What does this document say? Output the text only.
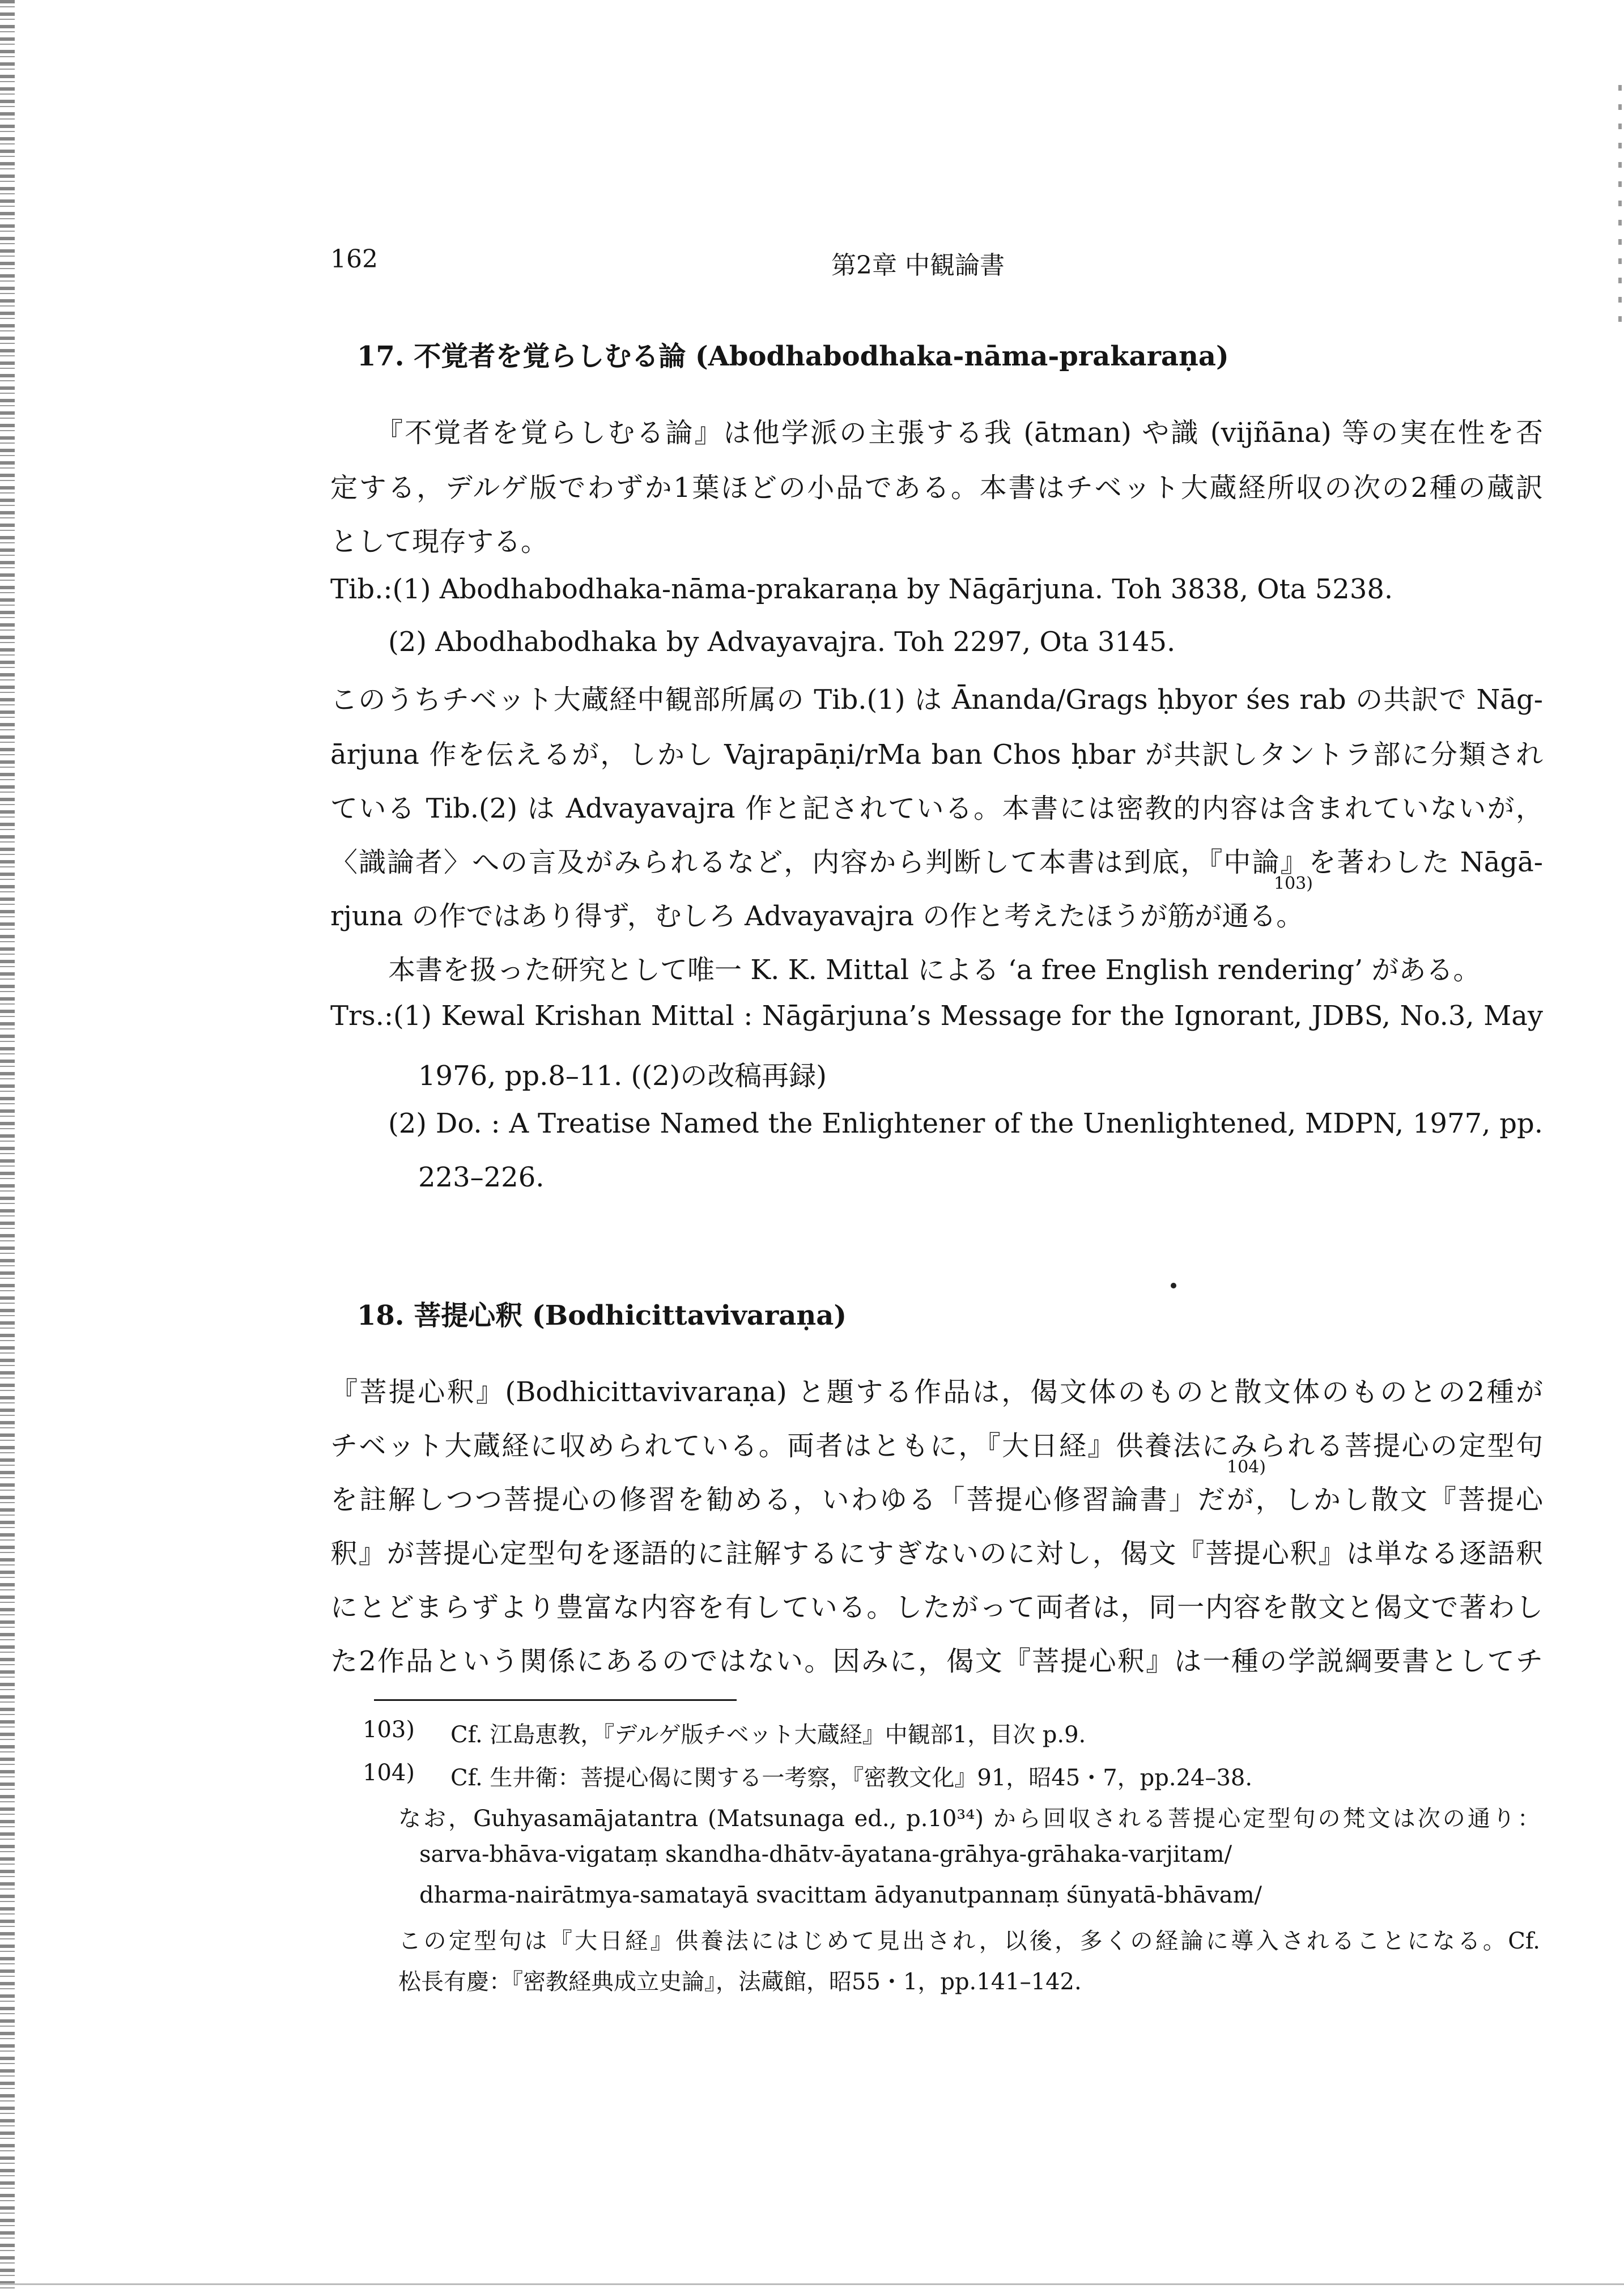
162	第2章 中観論書
17. 不覚者を覚らしむる論 (Abodhabodhaka-nāma-prakaraṇa)
『不覚者を覚らしむる論』は他学派の主張する我 (ātman) や識 (vijñāna) 等の実在性を否
定する，デルゲ版でわずか1葉ほどの小品である。本書はチベット大蔵経所収の次の2種の蔵訳
として現存する。
Tib.:(1) Abodhabodhaka-nāma-prakaraṇa by Nāgārjuna. Toh 3838, Ota 5238.
(2) Abodhabodhaka by Advayavajra. Toh 2297, Ota 3145.
このうちチベット大蔵経中観部所属の Tib.(1) は Ānanda/Grags ḥbyor śes rab の共訳で Nāg-
ārjuna 作を伝えるが，しかし Vajrapāṇi/rMa ban Chos ḥbar が共訳しタントラ部に分類され
ている Tib.(2) は Advayavajra 作と記されている。本書には密教的内容は含まれていないが，
〈識論者〉への言及がみられるなど，内容から判断して本書は到底，『中論』を著わした Nāgā-
103)
rjuna の作ではあり得ず，むしろ Advayavajra の作と考えたほうが筋が通る。
本書を扱った研究として唯一 K. K. Mittal による ‘a free English rendering’ がある。
Trs.:(1) Kewal Krishan Mittal : Nāgārjuna’s Message for the Ignorant, JDBS, No.3, May
1976, pp.8–11. ((2)の改稿再録)
(2) Do. : A Treatise Named the Enlightener of the Unenlightened, MDPN, 1977, pp.
223–226.
18. 菩提心釈 (Bodhicittavivaraṇa)
『菩提心釈』(Bodhicittavivaraṇa) と題する作品は，偈文体のものと散文体のものとの2種が
チベット大蔵経に収められている。両者はともに，『大日経』供養法にみられる菩提心の定型句
104)
を註解しつつ菩提心の修習を勧める，いわゆる「菩提心修習論書」だが，しかし散文『菩提心
釈』が菩提心定型句を逐語的に註解するにすぎないのに対し，偈文『菩提心釈』は単なる逐語釈
にとどまらずより豊富な内容を有している。したがって両者は，同一内容を散文と偈文で著わし
た2作品という関係にあるのではない。因みに，偈文『菩提心釈』は一種の学説綱要書としてチ
103) Cf. 江島恵教，『デルゲ版チベット大蔵経』中観部1，目次 p.9.
104) Cf. 生井衛：菩提心偈に関する一考察，『密教文化』91，昭45・7，pp.24–38.
なお，Guhyasamājatantra (Matsunaga ed., p.10³⁴) から回収される菩提心定型句の梵文は次の通り：
sarva-bhāva-vigataṃ skandha-dhātv-āyatana-grāhya-grāhaka-varjitam/
dharma-nairātmya-samatayā svacittam ādyanutpannaṃ śūnyatā-bhāvam/
この定型句は『大日経』供養法にはじめて見出され，以後，多くの経論に導入されることになる。Cf.
松長有慶：『密教経典成立史論』，法蔵館，昭55・1，pp.141–142.
